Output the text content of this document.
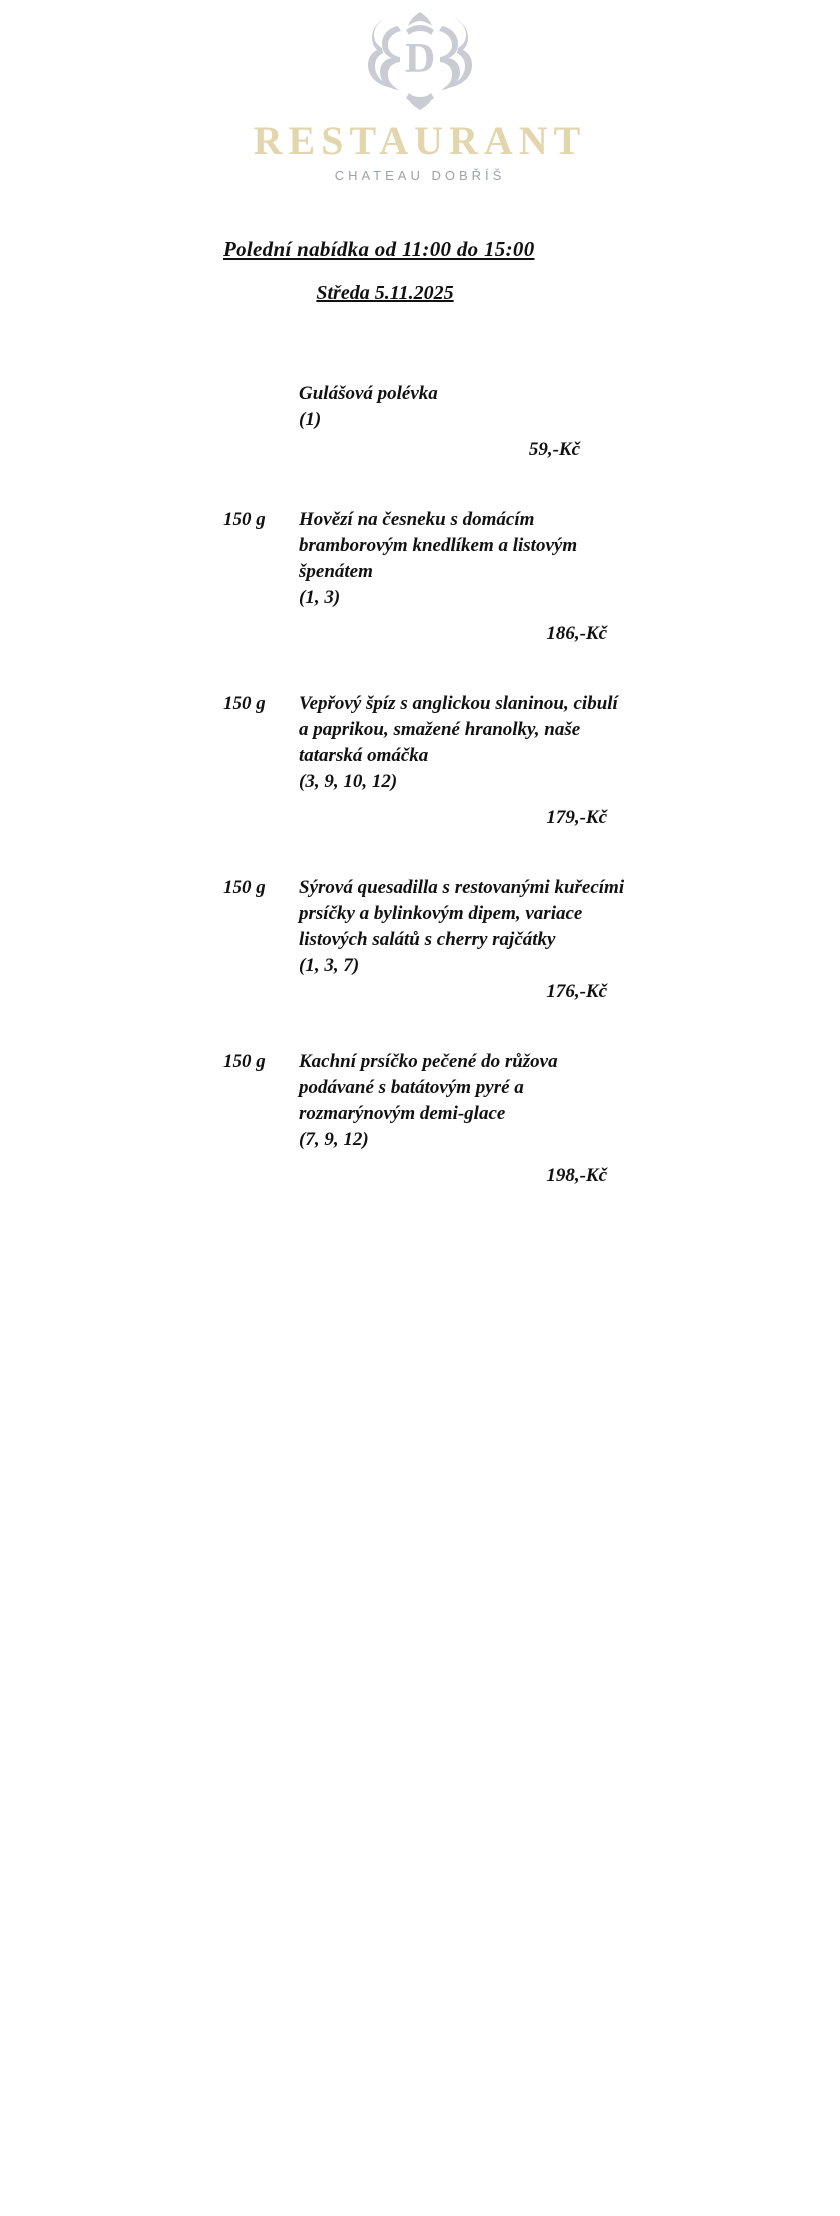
D
RESTAURANT
CHATEAU DOBŘÍŠ
Polední nabídka od 11:00 do 15:00
Středa 5.11.2025
Gulášová polévka
(1)
59,-Kč
150 g	Hovězí na česneku s domácím bramborovým knedlíkem a listovým špenátem
(1, 3)
186,-Kč
150 g	Vepřový špíz s anglickou slaninou, cibulí a paprikou, smažené hranolky, naše tatarská omáčka
(3, 9, 10, 12)
179,-Kč
150 g	Sýrová quesadilla s restovanými kuřecími prsíčky a bylinkovým dipem, variace listových salátů s cherry rajčátky
(1, 3, 7)
176,-Kč
150 g	Kachní prsíčko pečené do růžova podávané s batátovým pyré a rozmarýnovým demi-glace
(7, 9, 12)
198,-Kč
